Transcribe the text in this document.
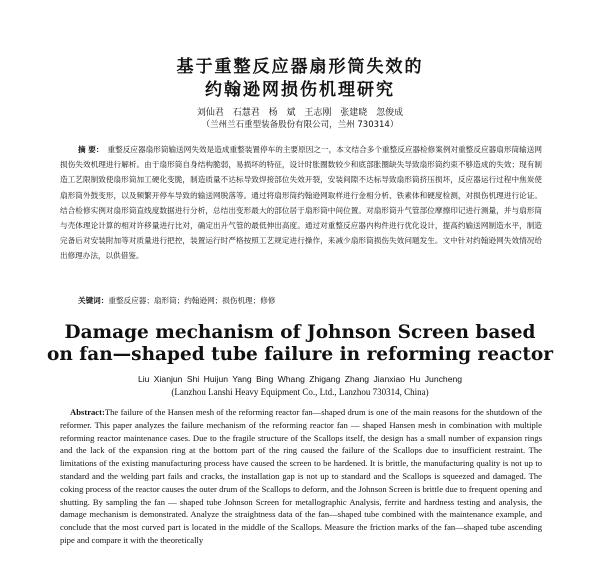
基于重整反应器扇形筒失效的
约翰逊网损伤机理研究
刘仙君 石慧君 杨 斌 王志刚 张建晓 忽俊成
（兰州兰石重型装备股份有限公司，兰州 730314）
摘 要： 重整反应器扇形筒输送网失效是造成重整装置停车的主要原因之一，本文结合多个重整反应器检修案例对重整反应器扇形筒输送网损伤失效机理进行解析。由于扇形筒自身结构脆弱，易损坏的特征，设计时胀圈数较少和底部胀圈缺失导致扇形筒约束不够造成的失效；现有制造工艺限制致使扇形筒加工硬化变脆，制造质量不达标导致焊接部位失效开裂，安装间隙不达标导致扇形筒挤压损坏，反应器运行过程中焦炭使扇形筒外鼓变形，以及频繁开停车导致的输送网脱落等。通过将扇形筒约翰逊网取样进行金相分析、铁素体和硬度检测，对损伤机理进行论证。结合检修实例对扇形筒直线度数据进行分析，总结出变形最大的部位居于扇形筒中间位置。对扇形筒升气管部位摩擦印记进行测量，并与扇形筒与壳体理论计算的相对许移量进行比对，确定出升气管的最低伸出高度。通过对重整反应器内构件进行优化设计，提高约输送网制造水平，制造完备后对安装附加等对质量进行把控，装置运行时严格按照工艺规定进行操作，来减少扇形筒损伤失效问题发生。文中针对约翰逊网失效情况给出修理办法，以供借鉴。
关键词：重整反应器；扇形筒；约翰逊网；损伤机理；修修
Damage mechanism of Johnson Screen based
on fan—shaped tube failure in reforming reactor
Liu Xianjun Shi Huijun Yang Bing Whang Zhigang Zhang Jianxiao Hu Juncheng
(Lanzhou Lanshi Heavy Equipment Co., Ltd., Lanzhou 730314, China)
Abstract:The failure of the Hansen mesh of the reforming reactor fan—shaped drum is one of the main reasons for the shutdown of the reformer. This paper analyzes the failure mechanism of the reforming reactor fan — shaped Hansen mesh in combination with multiple reforming reactor maintenance cases. Due to the fragile structure of the Scallops itself, the design has a small number of expansion rings and the lack of the expansion ring at the bottom part of the ring caused the failure of the Scallops due to insufficient restraint. The limitations of the existing manufacturing process have caused the screen to be hardened. It is brittle, the manufacturing quality is not up to standard and the welding part fails and cracks, the installation gap is not up to standard and the Scallops is squeezed and damaged. The coking process of the reactor causes the outer drum of the Scallops to deform, and the Johnson Screen is brittle due to frequent opening and shutting. By sampling the fan — shaped tube Johnson Screen for metallographic Analysis, ferrite and hardness testing and analysis, the damage mechanism is demonstrated. Analyze the straightness data of the fan—shaped tube combined with the maintenance example, and conclude that the most curved part is located in the middle of the Scallops. Measure the friction marks of the fan—shaped tube ascending pipe and compare it with the theoretically
